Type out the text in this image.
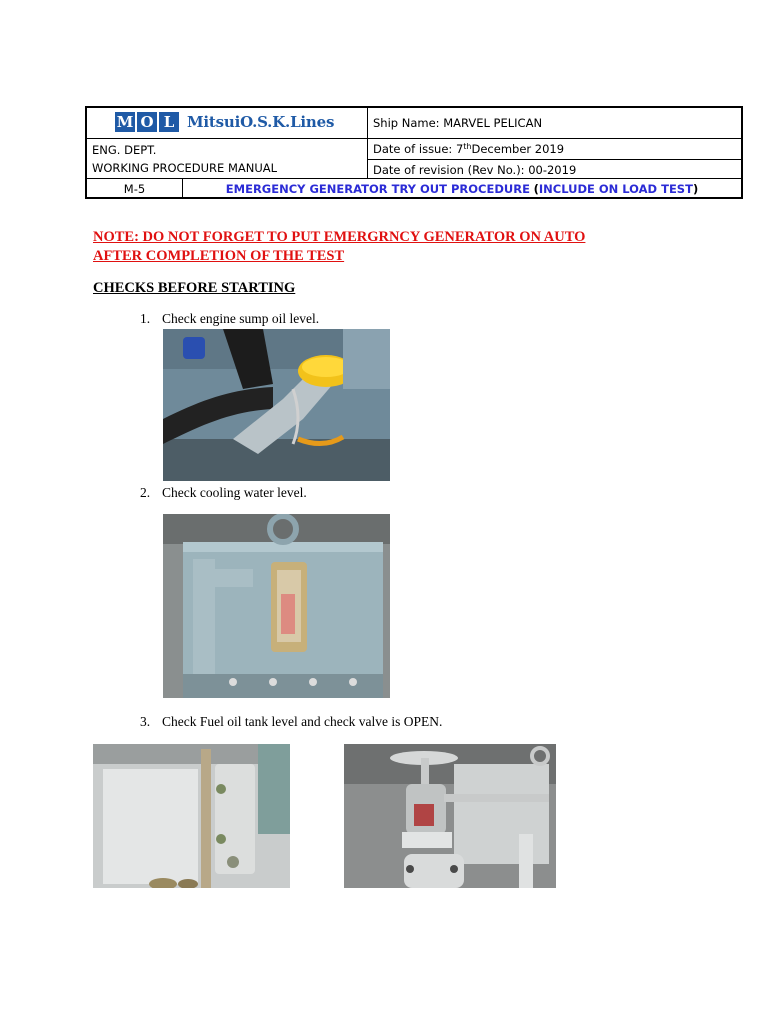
M O L MitsuiO.S.K.Lines	Ship Name: MARVEL PELICAN
ENG. DEPT.
WORKING PROCEDURE MANUAL
Date of issue: 7th December 2019
Date of revision (Rev No.): 00-2019
M-5	EMERGENCY GENERATOR TRY OUT PROCEDURE
( INCLUDE ON LOAD TEST )
NOTE: DO NOT FORGET TO PUT EMERGRNCY GENERATOR ON AUTO
AFTER COMPLETION OF THE TEST
CHECKS BEFORE STARTING
1. Check engine sump oil level.
2. Check cooling water level.
3. Check Fuel oil tank level and check valve is OPEN.
